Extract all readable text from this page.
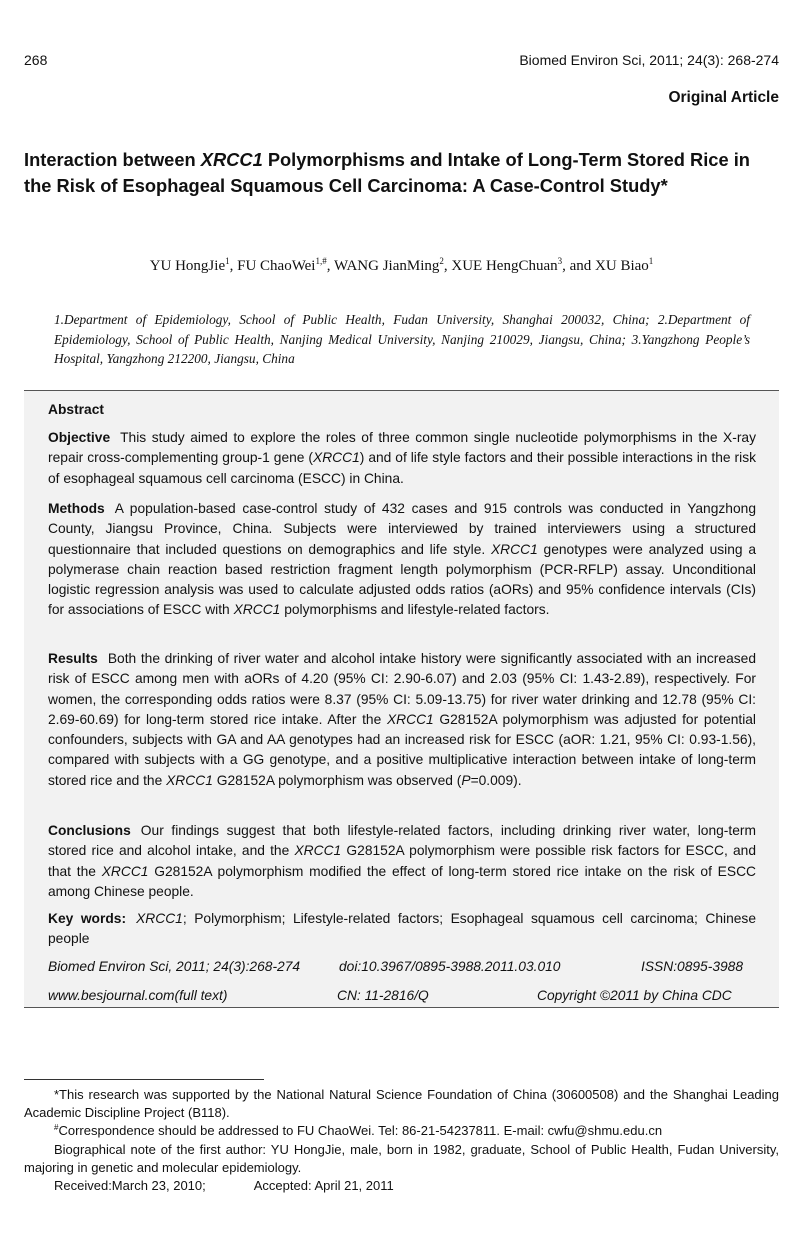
268	Biomed Environ Sci, 2011; 24(3): 268-274
Original Article
Interaction between XRCC1 Polymorphisms and Intake of Long-Term Stored Rice in the Risk of Esophageal Squamous Cell Carcinoma: A Case-Control Study*
YU HongJie$^1$, FU ChaoWei$^{1,\#}$, WANG JianMing$^2$, XUE HengChuan$^3$, and XU Biao$^1$
1.Department of Epidemiology, School of Public Health, Fudan University, Shanghai 200032, China; 2.Department of Epidemiology, School of Public Health, Nanjing Medical University, Nanjing 210029, Jiangsu, China; 3.Yangzhong People’s Hospital, Yangzhong 212200, Jiangsu, China
Abstract

Objective This study aimed to explore the roles of three common single nucleotide polymorphisms in the X-ray repair cross-complementing group-1 gene (XRCC1) and of life style factors and their possible interactions in the risk of esophageal squamous cell carcinoma (ESCC) in China.

Methods A population-based case-control study of 432 cases and 915 controls was conducted in Yangzhong County, Jiangsu Province, China. Subjects were interviewed by trained interviewers using a structured questionnaire that included questions on demographics and life style. XRCC1 genotypes were analyzed using a polymerase chain reaction based restriction fragment length polymorphism (PCR-RFLP) assay. Unconditional logistic regression analysis was used to calculate adjusted odds ratios (aORs) and 95% confidence intervals (CIs) for associations of ESCC with XRCC1 polymorphisms and lifestyle-related factors.

Results Both the drinking of river water and alcohol intake history were significantly associated with an increased risk of ESCC among men with aORs of 4.20 (95% CI: 2.90-6.07) and 2.03 (95% CI: 1.43-2.89), respectively. For women, the corresponding odds ratios were 8.37 (95% CI: 5.09-13.75) for river water drinking and 12.78 (95% CI: 2.69-60.69) for long-term stored rice intake. After the XRCC1 G28152A polymorphism was adjusted for potential confounders, subjects with GA and AA genotypes had an increased risk for ESCC (aOR: 1.21, 95% CI: 0.93-1.56), compared with subjects with a GG genotype, and a positive multiplicative interaction between intake of long-term stored rice and the XRCC1 G28152A polymorphism was observed (P=0.009).

Conclusions Our findings suggest that both lifestyle-related factors, including drinking river water, long-term stored rice and alcohol intake, and the XRCC1 G28152A polymorphism were possible risk factors for ESCC, and that the XRCC1 G28152A polymorphism modified the effect of long-term stored rice intake on the risk of ESCC among Chinese people.

Key words: XRCC1; Polymorphism; Lifestyle-related factors; Esophageal squamous cell carcinoma; Chinese people

Biomed Environ Sci, 2011; 24(3):268-274	doi:10.3967/0895-3988.2011.03.010	ISSN:0895-3988
www.besjournal.com(full text)	CN: 11-2816/Q	Copyright ©2011 by China CDC

*This research was supported by the National Natural Science Foundation of China (30600508) and the Shanghai Leading Academic Discipline Project (B118).

#Correspondence should be addressed to FU ChaoWei. Tel: 86-21-54237811. E-mail: cwfu@shmu.edu.cn

Biographical note of the first author: YU HongJie, male, born in 1982, graduate, School of Public Health, Fudan University, majoring in genetic and molecular epidemiology.

Received:March 23, 2010;	Accepted: April 21, 2011
